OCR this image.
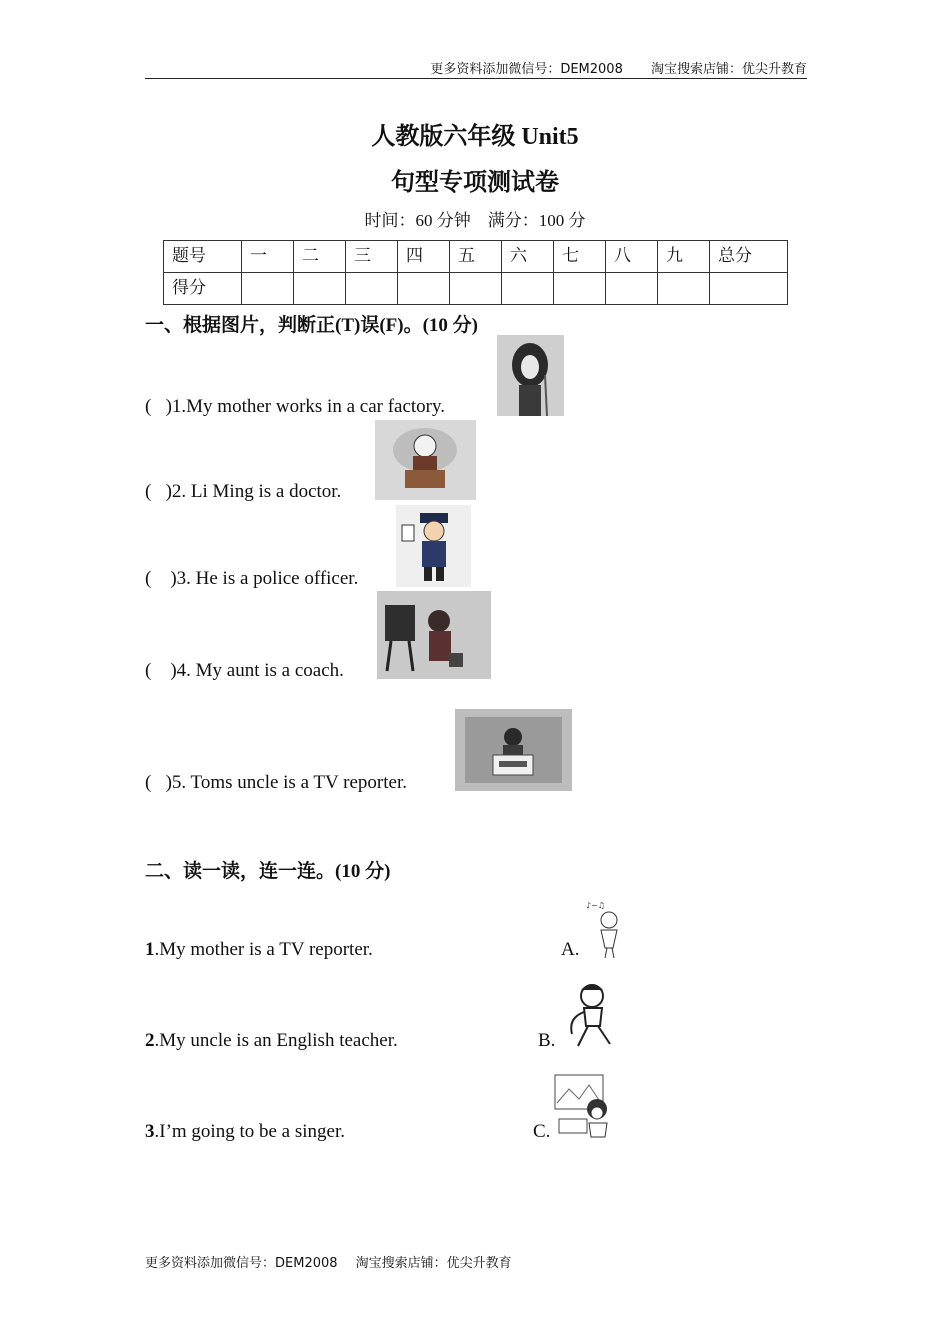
更多资料添加微信号：DEM2008 淘宝搜索店铺：优尖升教育
人教版六年级 Unit5
句型专项测试卷
时间：60 分钟    满分：100 分
题号	一	二	三	四	五	六	七	八	九	总分
得分										
一、根据图片，判断正(T)误(F)。(10 分)
(   )1.My mother works in a car factory.
(   )2. Li Ming is a doctor.
(    )3. He is a police officer.
(    )4. My aunt is a coach.
(   )5. Toms uncle is a TV reporter.
二、读一读，连一连。(10 分)
1.My mother is a TV reporter.	A.
♪~♫
2.My uncle is an English teacher.	B.
3.I’m going to be a singer.	C.
更多资料添加微信号：DEM2008 淘宝搜索店铺：优尖升教育
